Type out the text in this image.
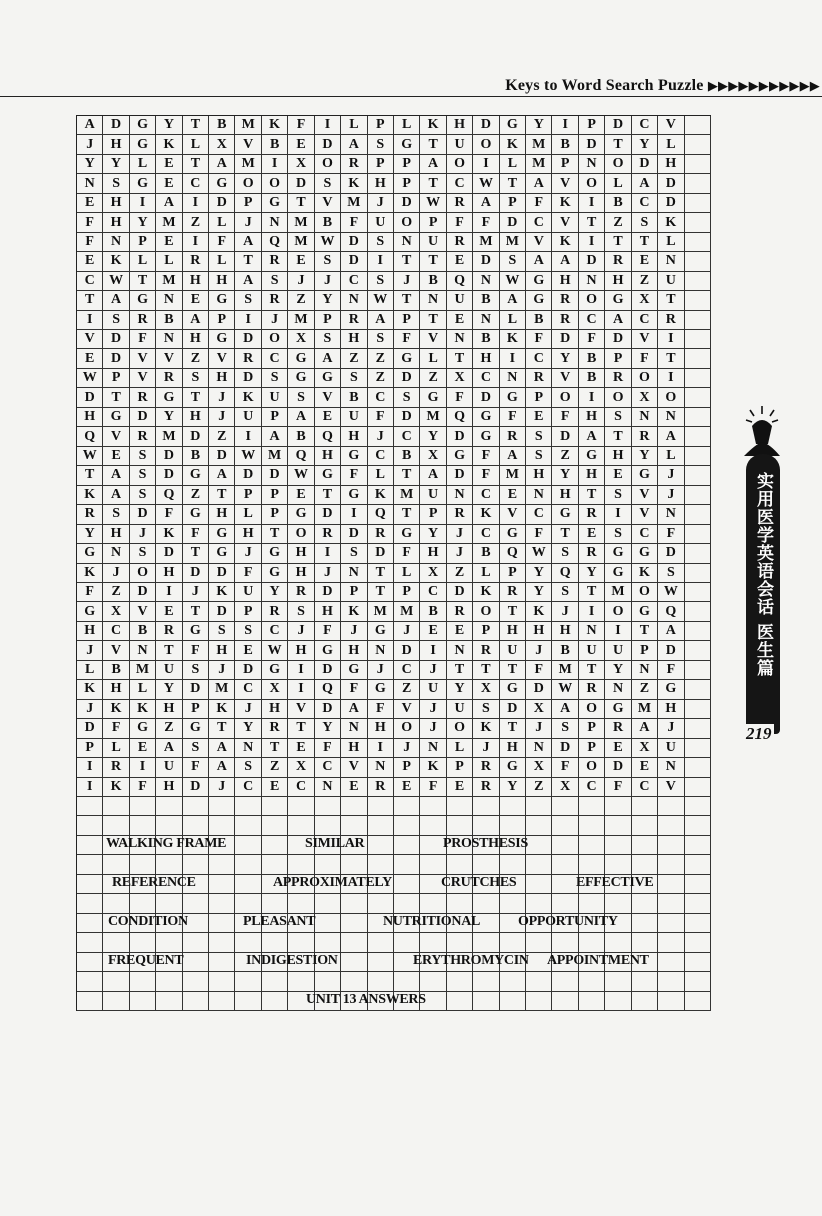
Keys to Word Search Puzzle ▶▶▶▶▶▶▶▶▶▶▶
A	D	G	Y	T	B	M	K	F	I	L	P	L	K	H	D	G	Y	I	P	D	C	V
J	H	G	K	L	X	V	B	E	D	A	S	G	T	U	O	K	M	B	D	T	Y	L
Y	Y	L	E	T	A	M	I	X	O	R	P	P	A	O	I	L	M	P	N	O	D	H
N	S	G	E	C	G	O	O	D	S	K	H	P	T	C	W	T	A	V	O	L	A	D
E	H	I	A	I	D	P	G	T	V	M	J	D	W	R	A	P	F	K	I	B	C	D
F	H	Y	M	Z	L	J	N	M	B	F	U	O	P	F	F	D	C	V	T	Z	S	K
F	N	P	E	I	F	A	Q	M W	D	S	N	U	R	M M	V	K	I	T	T	L
E	K	L	L	R	L	T	R	E	S	D	I	T	T	E	D	S	A	A	D	R	E	N
C	W	T	M	H	H	A	S	J	J	C	S	J	B	Q	N	W G	H	N	H	Z	U
T	A	G	N	E	G	S	R	Z	Y	N	W	T	N	U	B	A	G	R	O	G	X	T
I	S	R	B	A	P	I	J	M	P	R	A	P	T	E	N	L	B	R	C	A	C	R
V	D	F	N	H	G	D	O	X	S	H	S	F	V	N	B	K	F	D	F	D	V	I
E	D	V	V	Z	V	R	C	G	A	Z	Z	G	L	T	H	I	C	Y	B	P	F	T
W	P	V	R	S	H	D	S	G	G	S	Z	D	Z	X	C	N	R	V	B	R	O	I
D	T	R	G	T	J	K	U	S	V	B	C	S	G	F	D	G	P	O	I	O	X	O
H	G	D	Y	H	J	U	P	A	E	U	F	D	M	Q	G	F	E	F	H	S	N	N
Q	V	R	M	D	Z	I	A	B	Q	H	J	C	Y	D	G	R	S	D	A	T	R	A
W	E	S	D	B	D	W M	Q	H	G	C	B	X	G	F	A	S	Z	G	H	Y	L
T	A	S	D	G	A	D	D	W G	F	L	T	A	D	F	M	H	Y	H	E	G	J
K	A	S	Q	Z	T	P	P	E	T	G	K	M	U	N	C	E	N	H	T	S	V	J
R	S	D	F	G	H	L	P	G	D	I	Q	T	P	R	K	V	C	G	R	I	V	N
Y	H	J	K	F	G	H	T	O	R	D	R	G	Y	J	C	G	F	T	E	S	C	F
G	N	S	D	T	G	J	G	H	I	S	D	F	H	J	B	Q W	S	R	G	G	D
K	J	O	H	D	D	F	G	H	J	N	T	L	X	Z	L	P	Y	Q	Y	G	K	S
F	Z	D	I	J	K	U	Y	R	D	P	T	P	C	D	K	R	Y	S	T	M	O W
G	X	V	E	T	D	P	R	S	H	K	M M	B	R	O	T	K	J	I	O	G	Q
H	C	B	R	G	S	S	C	J	F	J	G	J	E	E	P	H	H	H	N	I	T	A
J	V	N	T	F	H	E	W H	G	H	N	D	I	N	R	U	J	B	U	U	P	D
L	B	M	U	S	J	D	G	I	D	G	J	C	J	T	T	T	F	M	T	Y	N	F
K	H	L	Y	D	M	C	X	I	Q	F	G	Z	U	Y	X	G	D	W	R	N	Z	G
J	K	K	H	P	K	J	H	V	D	A	F	V	J	U	S	D	X	A	O	G	M	H
D	F	G	Z	G	T	Y	R	T	Y	N	H	O	J	O	K	T	J	S	P	R	A	J
P	L	E	A	S	A	N	T	E	F	H	I	J	N	L	J	H	N	D	P	E	X	U
I	R	I	U	F	A	S	Z	X	C	V	N	P	K	P	R	G	X	F	O	D	E	N
I	K	F	H	D	J	C	E	C	N	E	R	E	F	E	R	Y	Z	X	C	F	C	V
WALKING FRAME	SIMILAR	PROSTHESIS
REFERENCE	APPROXIMATELY	CRUTCHES	EFFECTIVE
CONDITION	PLEASANT	NUTRITIONAL	OPPORTUNITY
FREQUENT	INDIGESTION	ERYTHROMYCIN APPOINTMENT
UNIT 13 ANSWERS
实用医学英语会话 医生篇
219
